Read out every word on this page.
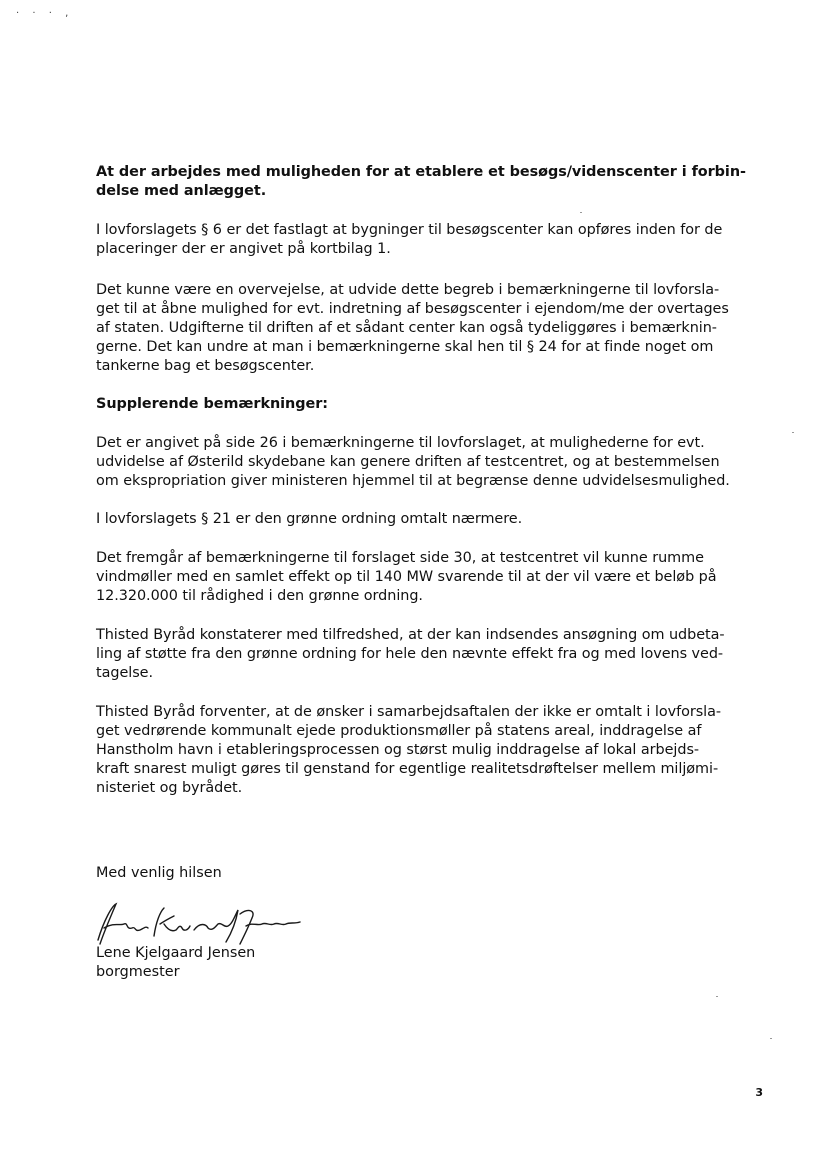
· · · ,

At der arbejdes med muligheden for at etablere et besøgs/videnscenter i forbin-
delse med anlægget.

I lovforslagets § 6 er det fastlagt at bygninger til besøgscenter kan opføres inden for de
placeringer der er angivet på kortbilag 1.

Det kunne være en overvejelse, at udvide dette begreb i bemærkningerne til lovforsla-
get til at åbne mulighed for evt. indretning af besøgscenter i ejendom/me der overtages
af staten. Udgifterne til driften af et sådant center kan også tydeliggøres i bemærknin-
gerne. Det kan undre at man i bemærkningerne skal hen til § 24 for at finde noget om
tankerne bag et besøgscenter.

Supplerende bemærkninger:

Det er angivet på side 26 i bemærkningerne til lovforslaget, at mulighederne for evt.
udvidelse af Østerild skydebane kan genere driften af testcentret, og at bestemmelsen
om ekspropriation giver ministeren hjemmel til at begrænse denne udvidelsesmulighed.

I lovforslagets § 21 er den grønne ordning omtalt nærmere.

Det fremgår af bemærkningerne til forslaget side 30, at testcentret vil kunne rumme
vindmøller med en samlet effekt op til 140 MW svarende til at der vil være et beløb på
12.320.000 til rådighed i den grønne ordning.

Thisted Byråd konstaterer med tilfredshed, at der kan indsendes ansøgning om udbeta-
ling af støtte fra den grønne ordning for hele den nævnte effekt fra og med lovens ved-
tagelse.

Thisted Byråd forventer, at de ønsker i samarbejdsaftalen der ikke er omtalt i lovforsla-
get vedrørende kommunalt ejede produktionsmøller på statens areal, inddragelse af
Hanstholm havn i etableringsprocessen og størst mulig inddragelse af lokal arbejds-
kraft snarest muligt gøres til genstand for egentlige realitetsdrøftelser mellem miljømi-
nisteriet og byrådet.

Med venlig hilsen
Lene Kjelgaard Jensen
borgmester
3
